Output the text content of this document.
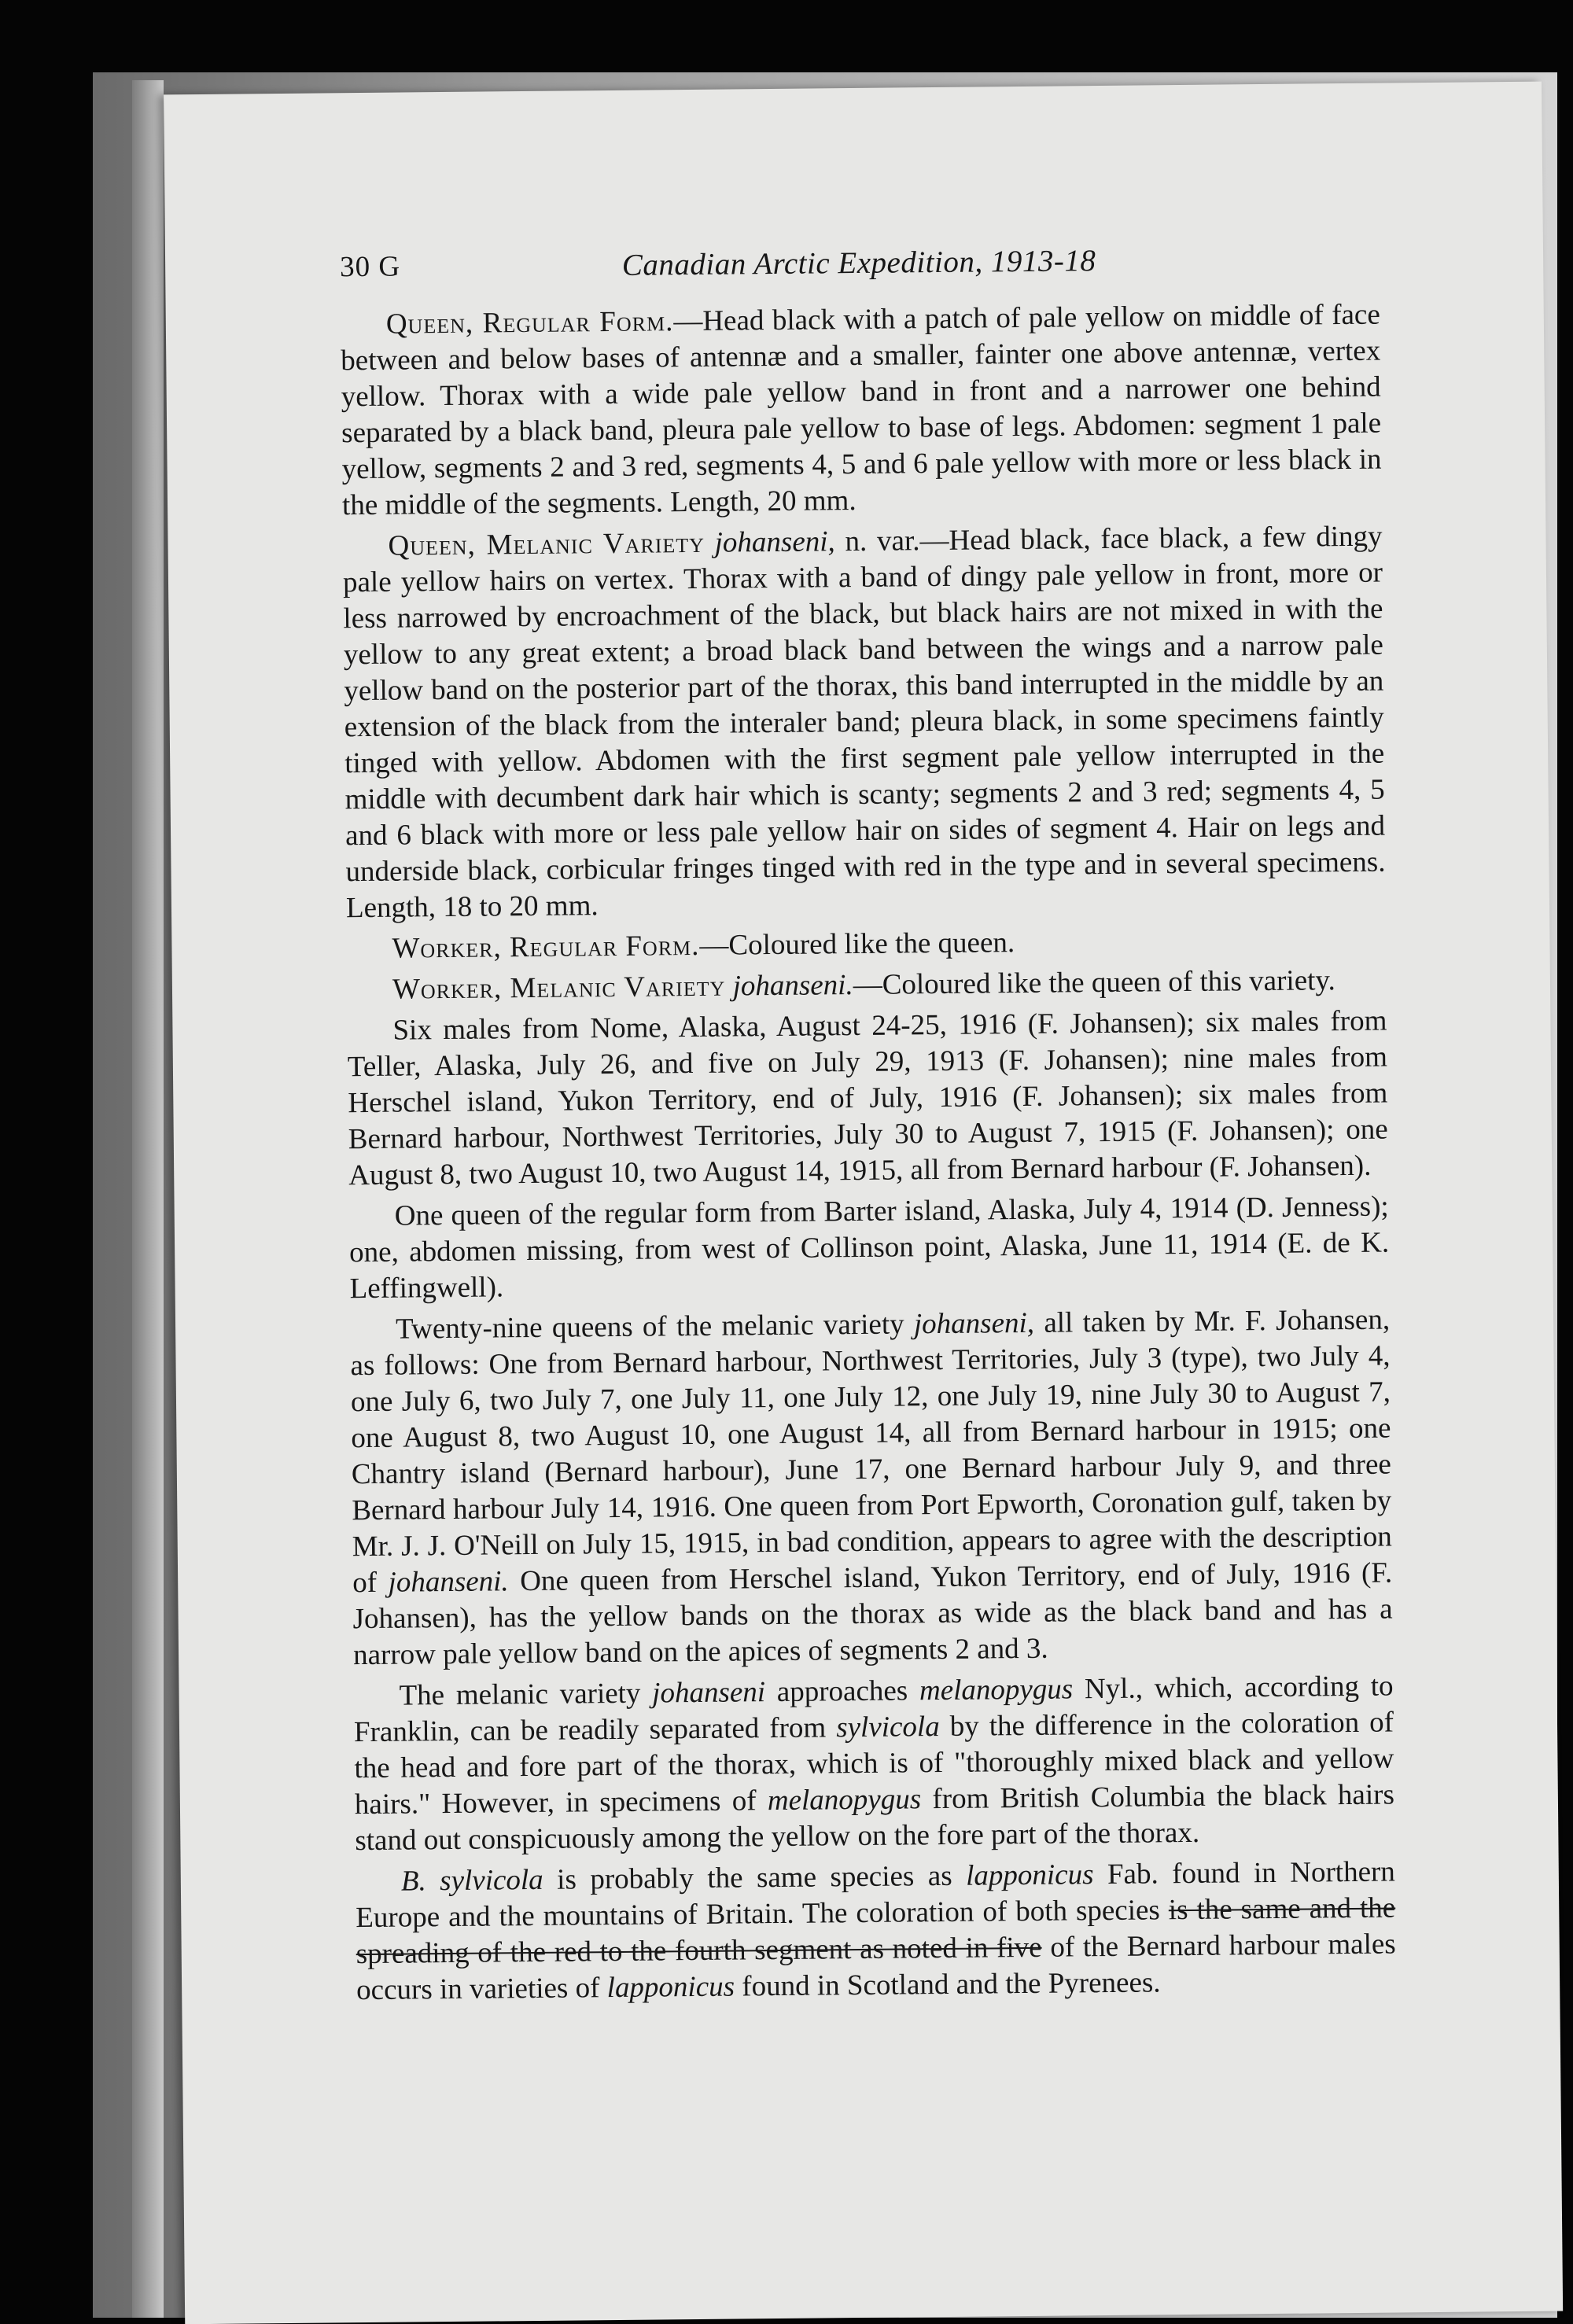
30 G	Canadian Arctic Expedition, 1913-18

Queen, Regular Form.—Head black with a patch of pale yellow on middle of face between and below bases of antennæ and a smaller, fainter one above antennæ, vertex yellow. Thorax with a wide pale yellow band in front and a narrower one behind separated by a black band, pleura pale yellow to base of legs. Abdomen: segment 1 pale yellow, segments 2 and 3 red, segments 4, 5 and 6 pale yellow with more or less black in the middle of the segments. Length, 20 mm.

Queen, Melanic Variety johanseni, n. var.—Head black, face black, a few dingy pale yellow hairs on vertex. Thorax with a band of dingy pale yellow in front, more or less narrowed by encroachment of the black, but black hairs are not mixed in with the yellow to any great extent; a broad black band between the wings and a narrow pale yellow band on the posterior part of the thorax, this band interrupted in the middle by an extension of the black from the interaler band; pleura black, in some specimens faintly tinged with yellow. Abdomen with the first segment pale yellow interrupted in the middle with decumbent dark hair which is scanty; segments 2 and 3 red; segments 4, 5 and 6 black with more or less pale yellow hair on sides of segment 4. Hair on legs and underside black, corbicular fringes tinged with red in the type and in several specimens. Length, 18 to 20 mm.

Worker, Regular Form.—Coloured like the queen.

Worker, Melanic Variety johanseni.—Coloured like the queen of this variety.

Six males from Nome, Alaska, August 24-25, 1916 (F. Johansen); six males from Teller, Alaska, July 26, and five on July 29, 1913 (F. Johansen); nine males from Herschel island, Yukon Territory, end of July, 1916 (F. Johansen); six males from Bernard harbour, Northwest Territories, July 30 to August 7, 1915 (F. Johansen); one August 8, two August 10, two August 14, 1915, all from Bernard harbour (F. Johansen).

One queen of the regular form from Barter island, Alaska, July 4, 1914 (D. Jenness); one, abdomen missing, from west of Collinson point, Alaska, June 11, 1914 (E. de K. Leffingwell).

Twenty-nine queens of the melanic variety johanseni, all taken by Mr. F. Johansen, as follows: One from Bernard harbour, Northwest Territories, July 3 (type), two July 4, one July 6, two July 7, one July 11, one July 12, one July 19, nine July 30 to August 7, one August 8, two August 10, one August 14, all from Bernard harbour in 1915; one Chantry island (Bernard harbour), June 17, one Bernard harbour July 9, and three Bernard harbour July 14, 1916. One queen from Port Epworth, Coronation gulf, taken by Mr. J. J. O'Neill on July 15, 1915, in bad condition, appears to agree with the description of johanseni. One queen from Herschel island, Yukon Territory, end of July, 1916 (F. Johansen), has the yellow bands on the thorax as wide as the black band and has a narrow pale yellow band on the apices of segments 2 and 3.

The melanic variety johanseni approaches melanopygus Nyl., which, according to Franklin, can be readily separated from sylvicola by the difference in the coloration of the head and fore part of the thorax, which is of "thoroughly mixed black and yellow hairs." However, in specimens of melanopygus from British Columbia the black hairs stand out conspicuously among the yellow on the fore part of the thorax.

B. sylvicola is probably the same species as lapponicus Fab. found in Northern Europe and the mountains of Britain. The coloration of both species is the same and the spreading of the red to the fourth segment as noted in five of the Bernard harbour males occurs in varieties of lapponicus found in Scotland and the Pyrenees.
